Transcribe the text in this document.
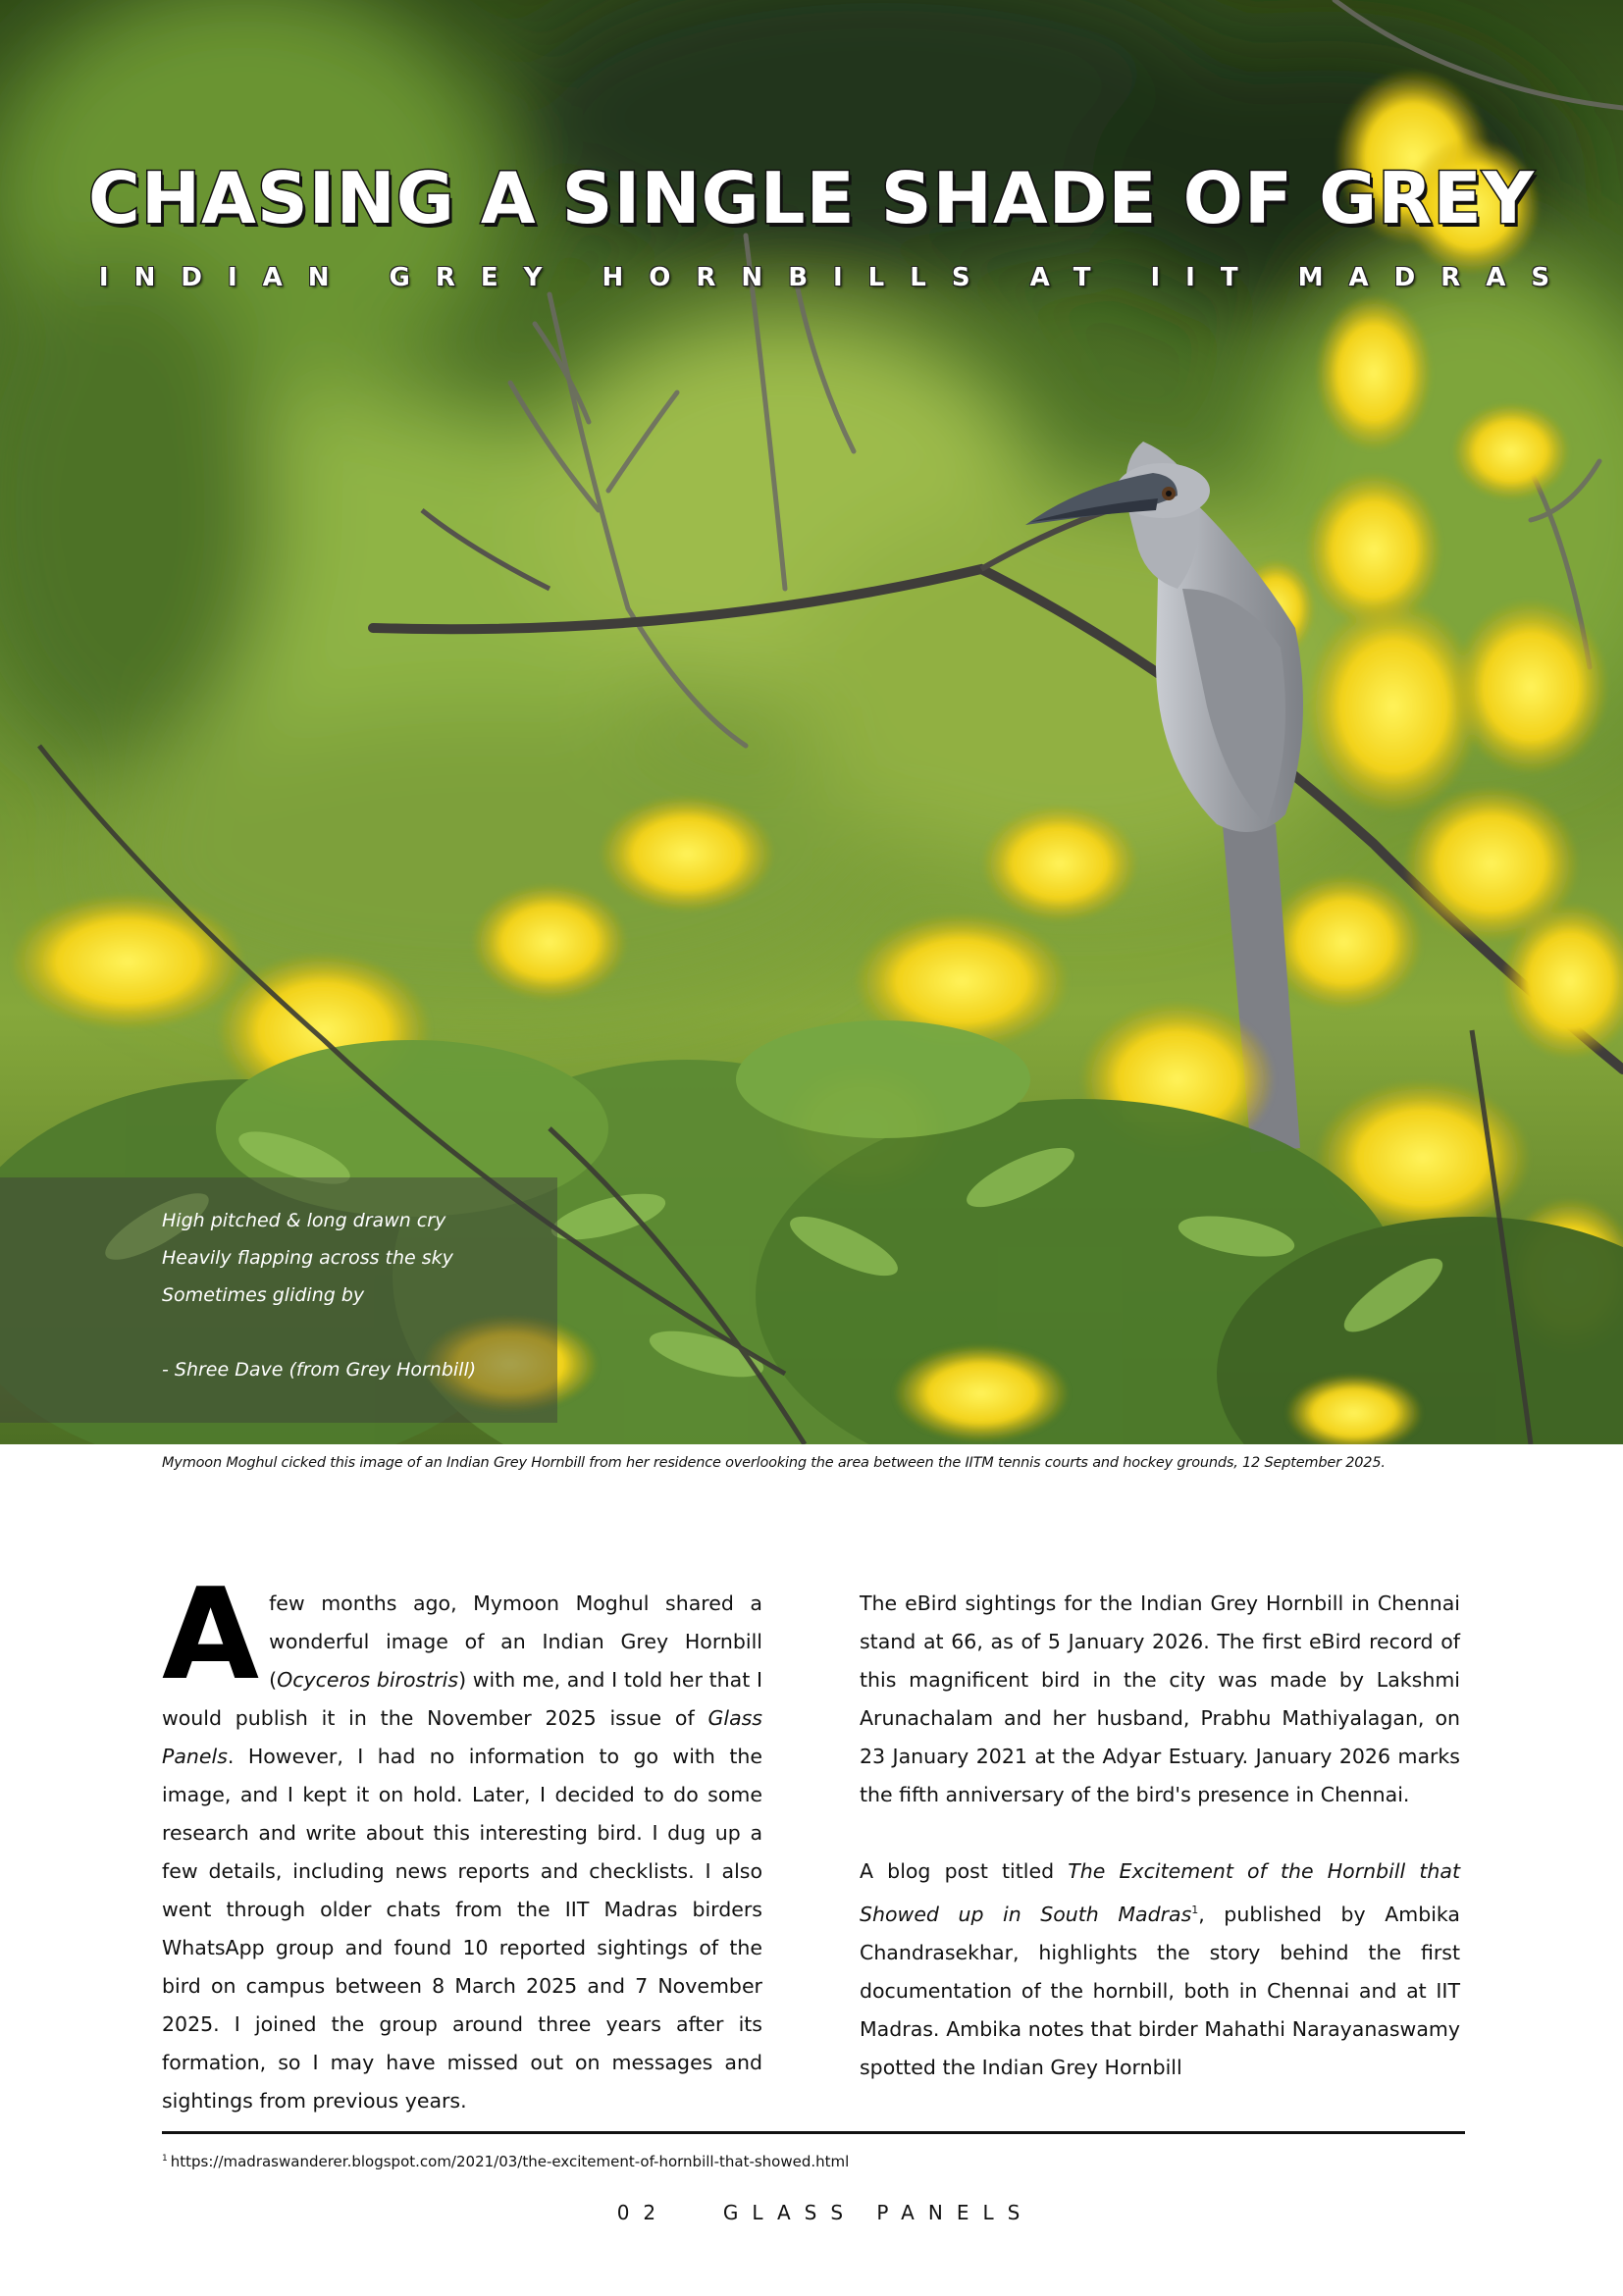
CHASING A SINGLE SHADE OF GREY
INDIAN GREY HORNBILLS AT IIT MADRAS
High pitched & long drawn cry
Heavily flapping across the sky
Sometimes gliding by
- Shree Dave (from Grey Hornbill)
Mymoon Moghul cicked this image of an Indian Grey Hornbill from her residence overlooking the area between the IITM tennis courts and hockey grounds, 12 September 2025.

A few months ago, Mymoon Moghul shared a wonderful image of an Indian Grey Hornbill (Ocyceros birostris) with me, and I told her that I would publish it in the November 2025 issue of Glass Panels. However, I had no information to go with the image, and I kept it on hold. Later, I decided to do some research and write about this interesting bird. I dug up a few details, including news reports and checklists. I also went through older chats from the IIT Madras birders WhatsApp group and found 10 reported sightings of the bird on campus between 8 March 2025 and 7 November 2025. I joined the group around three years after its formation, so I may have missed out on messages and sightings from previous years.

The eBird sightings for the Indian Grey Hornbill in Chennai stand at 66, as of 5 January 2026. The first eBird record of this magnificent bird in the city was made by Lakshmi Arunachalam and her husband, Prabhu Mathiyalagan, on 23 January 2021 at the Adyar Estuary. January 2026 marks the fifth anniversary of the bird's presence in Chennai.

A blog post titled The Excitement of the Hornbill that Showed up in South Madras$^1$, published by Ambika Chandrasekhar, highlights the story behind the first documentation of the hornbill, both in Chennai and at IIT Madras. Ambika notes that birder Mahathi Narayanaswamy spotted the Indian Grey Hornbill

$^1$ https://madraswanderer.blogspot.com/2021/03/the-excitement-of-hornbill-that-showed.html
02	GLASS PANELS
